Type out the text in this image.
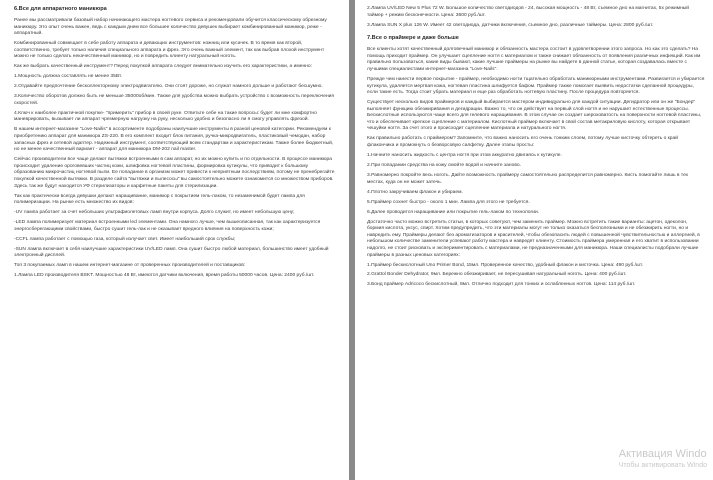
6.Все для аппаратного маникюра

Ранее мы рассматривали базовый набор начинающего мастера ногтевого сервиса и рекомендовали обучится классическому обрезному маникюру. Это опыт очень важен, ведь с каждым днем все большее количество девушек выбирает комбинированный маникюр, реже - аппаратный.

Комбинированный совмещает в себе работу аппарата и девающих инструментов: ножниц или кусачек. В то время как второй, соответственно, требует только наличия специального аппарата и фрез. Это очень важный элемент, так как выбрав плохой инструмент можно не только сделать некачественный маникюр, но и повредить клиенту натуральный ноготь.

Как же выбрать качественный инструмент? Перед покупкой аппарата следует внимательно изучить его характеристики, а именно:

1.Мощность должна составлять не менее 35Вт.

2.Отдавайте предпочтение бесколлекторному электродвигателю. Они стоят дороже, но служат намного дольше и работают бесшумно.

3.Количество оборотов должно быть не меньше 35000об/мин. Также для удобства можно выбрать устройство с возможность переключения скоростей.

4.Ключ к наиболее практичной покупке- "примерить" прибор в своей руке. Ответьте себе на такие вопросы: будет ли мне комфортно маневрировать, вызывает ли аппарат чрезмерную нагрузку на руку, несколько удобно и безопасно ли я смогу управлять фрезой.

В нашем интернет-магазине "Love-Nailis" в ассортименте подобраны наилучшие инструменты в разной ценовой категории. Рекомендуем к приобретению аппарат для маникюра ZS-220. В его комплект входит блок питания, ручка-микродвигатель, пластиковый чемодан, набор запасных фрез и сетевой адаптер. Надежный инструмент, соответствующий всем стандартам и характеристикам. Также более бюджетный, но не менее качественный вариант - аппарат для маникюра DM-202 nail master.

Сейчас производители все чаще делают вытяжки встроенными в сам аппарат, но их можно купить и по отдельности. В процессе маникюра происходит удаление ороговевших частиц кожи, шлифовка ногтевой пластины, формировка кутикулы, что приводит к большому образованию микрочастиц ногтевой пыли. Ее попадание в организм может привести к неприятным последствиям, потому не пренебрегайте покупкой качественной вытяжки. В разделе сайта "вытяжки и пылесосы" вы самостоятельно можете ознакомится со множеством приборов. Здесь так же будут находится УФ стерилизаторы и карфетные пакеты для стерилизации.

Так как практически всегда девушки делают наращивание, маникюр с покрытием гель-лаком, то незаменимой будет лампа для полимеризации. На рынке есть множество их видов:

-UV лампа работает за счет небольших ультрафиолетовых ламп внутри корпуса. Долго служит, но имеет небольшую цену;

-LED лампа полимеризует материал встроенными led элементами. Она намного лучше, чем вышеописанная, так как характеризуется энергосберегающими свойствами, быстро сушит гель-лак и не оказывает вредного влияния на поверхность кожи;

-CCFL лампа работает с помощью газа, который излучает свет. Имеет наибольший срок службы;

-SUN лампа включает в себя наилучшие характеристики UV/LED ламп. Она сушит быстро любой материал, большинство имеет удобный электронный дисплей.

Топ 3 покупаемых ламп в нашем интернет-магазине от проверенных производителей и поставщиков:

1.Лампа LED производителя BSKT. Мощностью 48 Вт, имеются датчики включения, время работы 50000 часов. Цена: 2400 руб./шт.

2.Лампа UV/LED New 5 Plus 72 W. Большое количество светодиодов - 24, высокая мощность - 48 Вт, съемное дно на магнитах, 5х режимный таймер + режим бесконечности. Цена: 3600 руб./шт.

3.Лампа SUN X plus 126 W. Имеет 42 светодиода, датчики включения, съемное дно, различные таймеры. Цена: 2800 руб./шт.

7.Все о праймере и даже больше

Все клиенты хотят качественный долговечный маникюр и обязанность мастера состоит в удовлетворении этого запроса. Но как это сделать? На помощь приходит праймер. Он улучшает сцепление ногтя с материалом и также снижает обязанность от появления различных инфекций. Как им правильно пользоваться, какие виды бывают, какие лучшие праймеры на рынке вы найдете в данной статье, которая создавалась вместе с лучшими специалистами интернет-магазина "Love-Nails".

Прежде чем нанести первое покрытие - праймер, необходимо ногти тщательно обработать маникюрными инструментами. Развигается и убирается кутикула, удаляется мертвая кожа, ногтевая пластина шлифуется бафом. Праймер также помогает выявить недостатки сделанной процедуры, если такие есть. Тогда стоит убрать материал и еще раз обработать ногтевую пластину. После процедура повторяется.

Существует несколько видов праймеров и каждый выбирается мастером индивидуально для каждой ситуации. Дегидратор или он же "Бондер" выполняет функцию обезжиривания и дегидрации. Важно то, что он действует на первый слой ногтя и не нарушает естественные процессы. Бескислотные используются чаще всего для гелевого наращивания. В этом случае он создает шероховатость на поверхности ногтевой пластины, что и обеспечивает крепкое сцепление с материалом. Кислотный праймер включает в свой состав метакриловую кислоту, которая открывает чешуйки ногтя. За счет этого и происходит сцепление материала и натурального ногтя.

Как правильно работать с праймером? Запомните, что важно наносить его очень тонким слоем, потому лучше кисточку обтереть о край флакончика и промокнуть о безворсовую салфетку. Далее этапы просты:

1.Начните наносить жидкость с центра ногтя при этом аккуратно двигаясь к кутикуле.

2.При попадании средства на кожу смойте водой и начните заново.

3.Равномерно покройте весь ноготь. Дайте возможность праймеру самостоятельно распределится равномерно. Кисть помогайте лишь в тех местах, куда он не может затечь.

4.Плотно закручиваем флакон и убираем.

5.Праймер сохнет быстро - около 1 мин. Лампа для этого не требуется.

6.Далее проводится наращивание или покрытие гель-лаком по технологии.

Достаточно часто можно встретить статьи, в которых советуют, чем заменить праймер. Можно встретить такие варианты: ацетон, одеколон, бормия кислота, уксус, спирт. Хотим предупредить, что эти материалы могут не только оказаться бесполезными и не обезжирить ногти, но и навредить ему. Праймеры делают без ароматизаторов и красителей, чтобы обезопасить людей с повышенной чувствительностью и аллергией, в небольшом количестве заменители успевают работу мастера и навредят клиенту. Стоимость праймера умеренная и его хватит в использовании надолго, не стоит рисковать и экспериментировать с материалами, не предназначенными для маникюра. Наши специалисты подобрали лучшие праймеры в разных ценовых категориях:

1.Праймер бескислотный Uno Primer Bond, 15мл. Проверенное качество, удобный флакон и кисточка. Цена: 490 руб./шт.

2.Grattol Bonder Dehydrator, 9мл. Бережно обезжиривает, не пересушивая натуральный ноготь. Цена: 400 руб./шт.

3.Бонд праймер Adricoco бескислотный, 8мл. Отлично подходит для тонких и ослабленных ногтов. Цена: 114 руб./шт.

Активация Windo
Чтобы активировать Windo
